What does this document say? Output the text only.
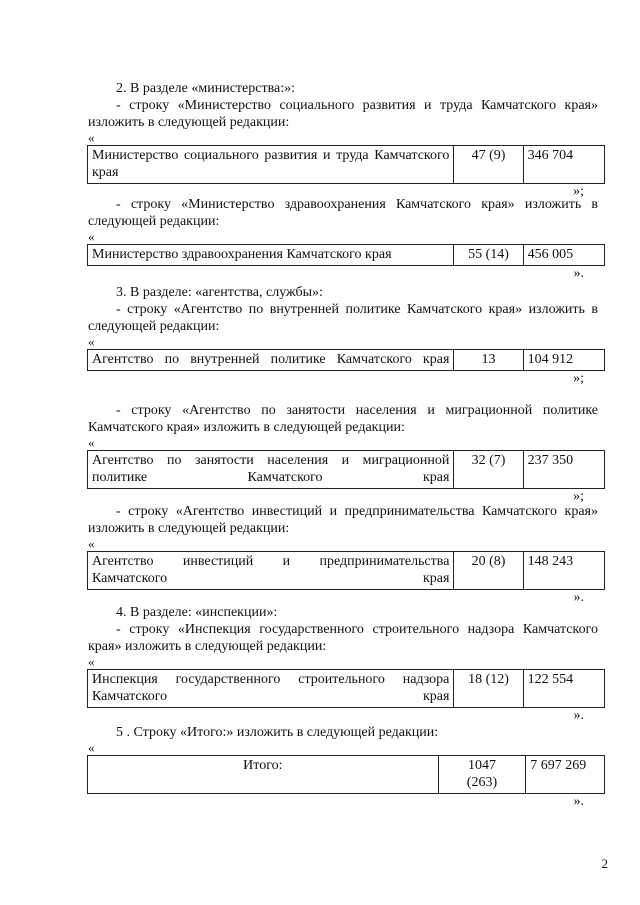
2. В разделе «министерства:»:

- строку «Министерство социального развития и труда Камчатского края» изложить в следующей редакции:

«

Министерство социального развития и труда Камчатского края	47 (9)	346 704

»;

- строку «Министерство здравоохранения Камчатского края» изложить в следующей редакции:

«

Министерство здравоохранения Камчатского края	55 (14)	456 005

».

3. В разделе: «агентства, службы»:

- строку «Агентство по внутренней политике Камчатского края» изложить в следующей редакции:

«

Агентство по внутренней политике Камчатского края	13	104 912

»;

- строку «Агентство по занятости населения и миграционной политике Камчатского края» изложить в следующей редакции:

«

Агентство по занятости населения и миграционной политике Камчатского края	32 (7)	237 350

»;

- строку «Агентство инвестиций и предпринимательства Камчатского края» изложить в следующей редакции:

«

Агентство инвестиций и предпринимательства Камчатского края	20 (8)	148 243

».

4. В разделе: «инспекции»:

- строку «Инспекция государственного строительного надзора Камчатского края» изложить в следующей редакции:

«

Инспекция государственного строительного надзора Камчатского края	18 (12)	122 554

».

5 . Строку «Итого:» изложить в следующей редакции:

«

Итого:	1047 (263)	7 697 269

».

2
